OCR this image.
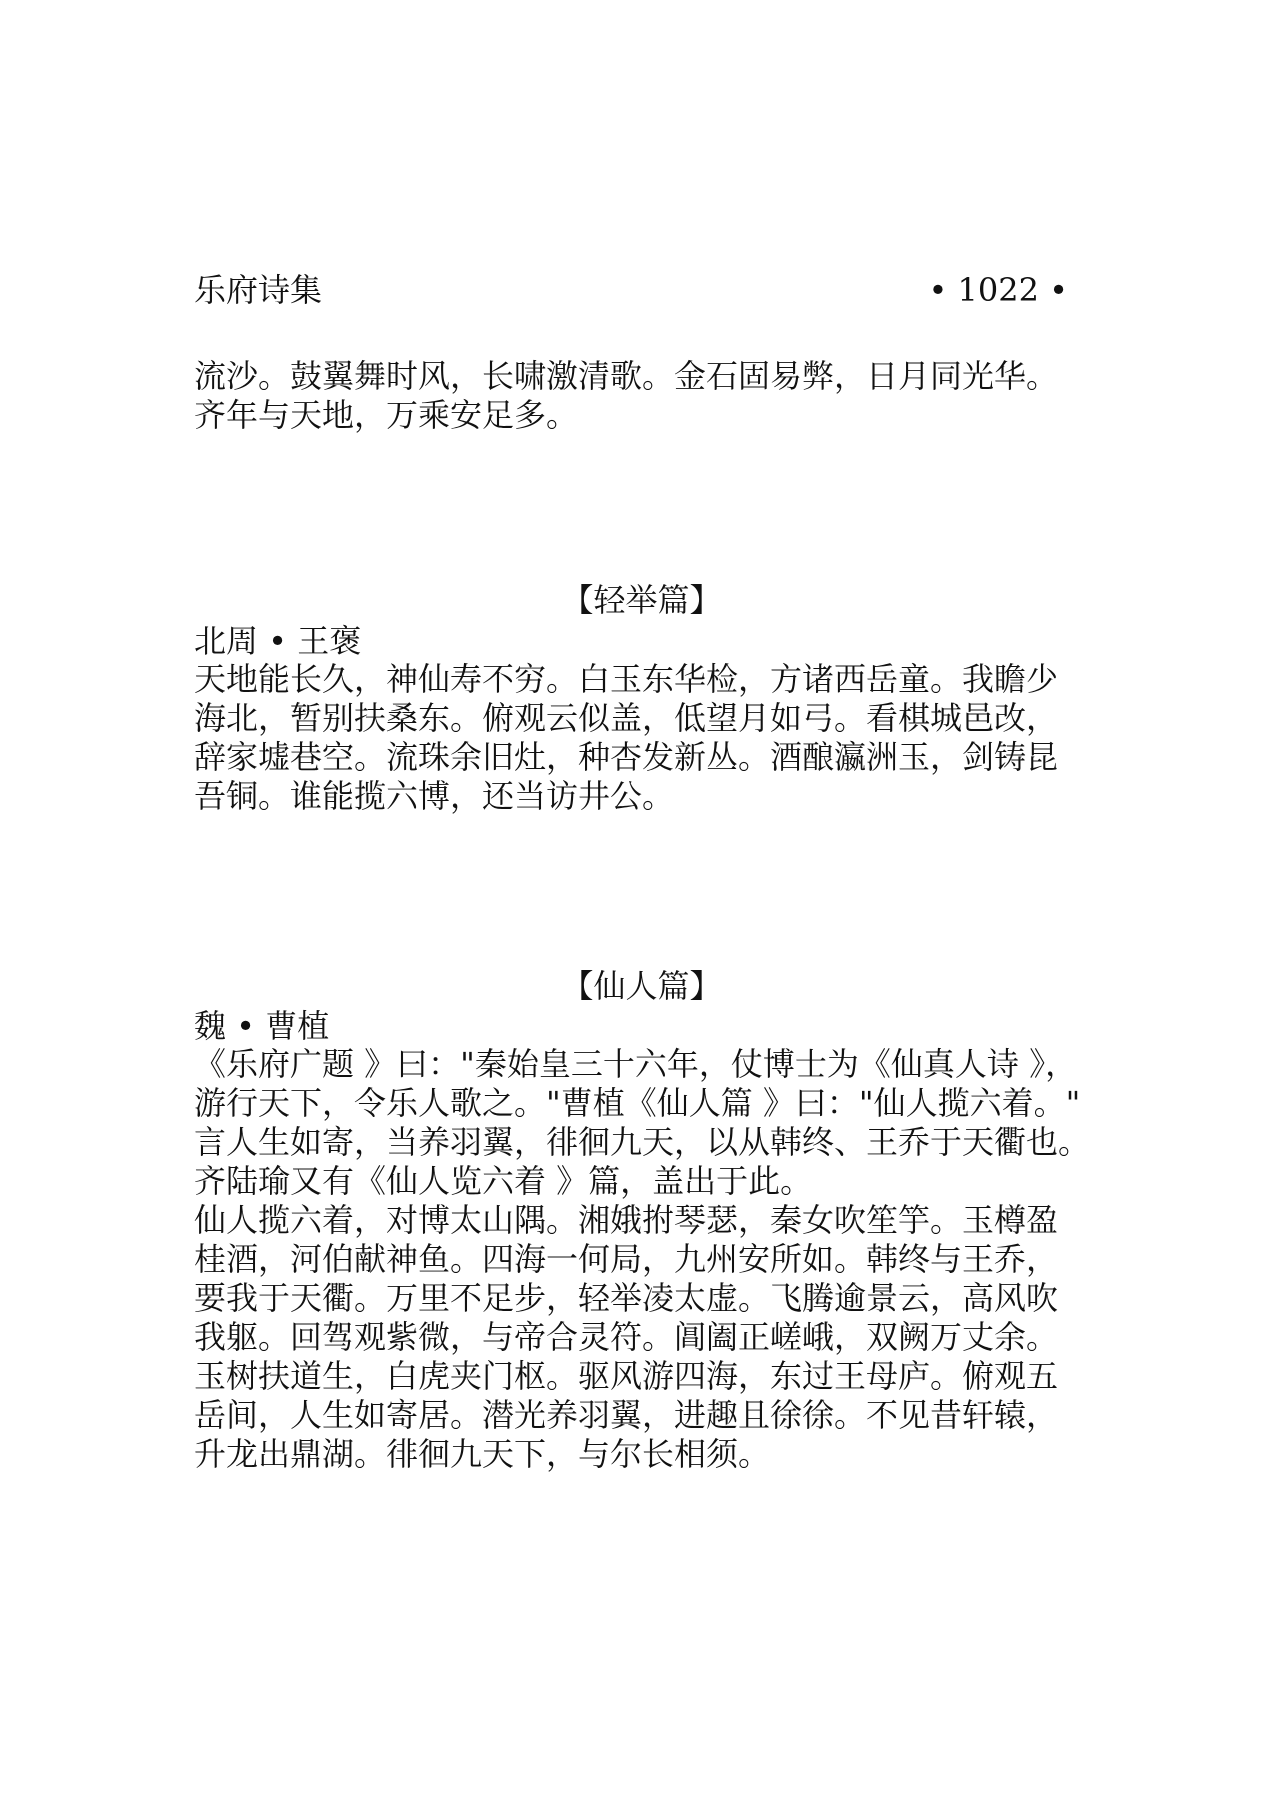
乐府诗集	• 1022 •
流沙。鼓翼舞时风，长啸激清歌。金石固易弊，日月同光华。
齐年与天地，万乘安足多。
【轻举篇】
北周 • 王褒
天地能长久，神仙寿不穷。白玉东华检，方诸西岳童。我瞻少
海北，暂别扶桑东。俯观云似盖，低望月如弓。看棋城邑改，
辞家墟巷空。流珠余旧灶，种杏发新丛。酒酿瀛洲玉，剑铸昆
吾铜。谁能揽六博，还当访井公。
【仙人篇】
魏 • 曹植
《乐府广题 》曰："秦始皇三十六年，仗博士为《仙真人诗 》，
游行天下，令乐人歌之。"曹植《仙人篇 》曰："仙人揽六着。"
言人生如寄，当养羽翼，徘徊九天，以从韩终、王乔于天衢也。
齐陆瑜又有《仙人览六着 》篇，盖出于此。
仙人揽六着，对博太山隅。湘娥拊琴瑟，秦女吹笙竽。玉樽盈
桂酒，河伯献神鱼。四海一何局，九州安所如。韩终与王乔，
要我于天衢。万里不足步，轻举凌太虚。飞腾逾景云，高风吹
我躯。回驾观紫微，与帝合灵符。阊阖正嵯峨，双阙万丈余。
玉树扶道生，白虎夹门枢。驱风游四海，东过王母庐。俯观五
岳间，人生如寄居。潜光养羽翼，进趣且徐徐。不见昔轩辕，
升龙出鼎湖。徘徊九天下，与尔长相须。
